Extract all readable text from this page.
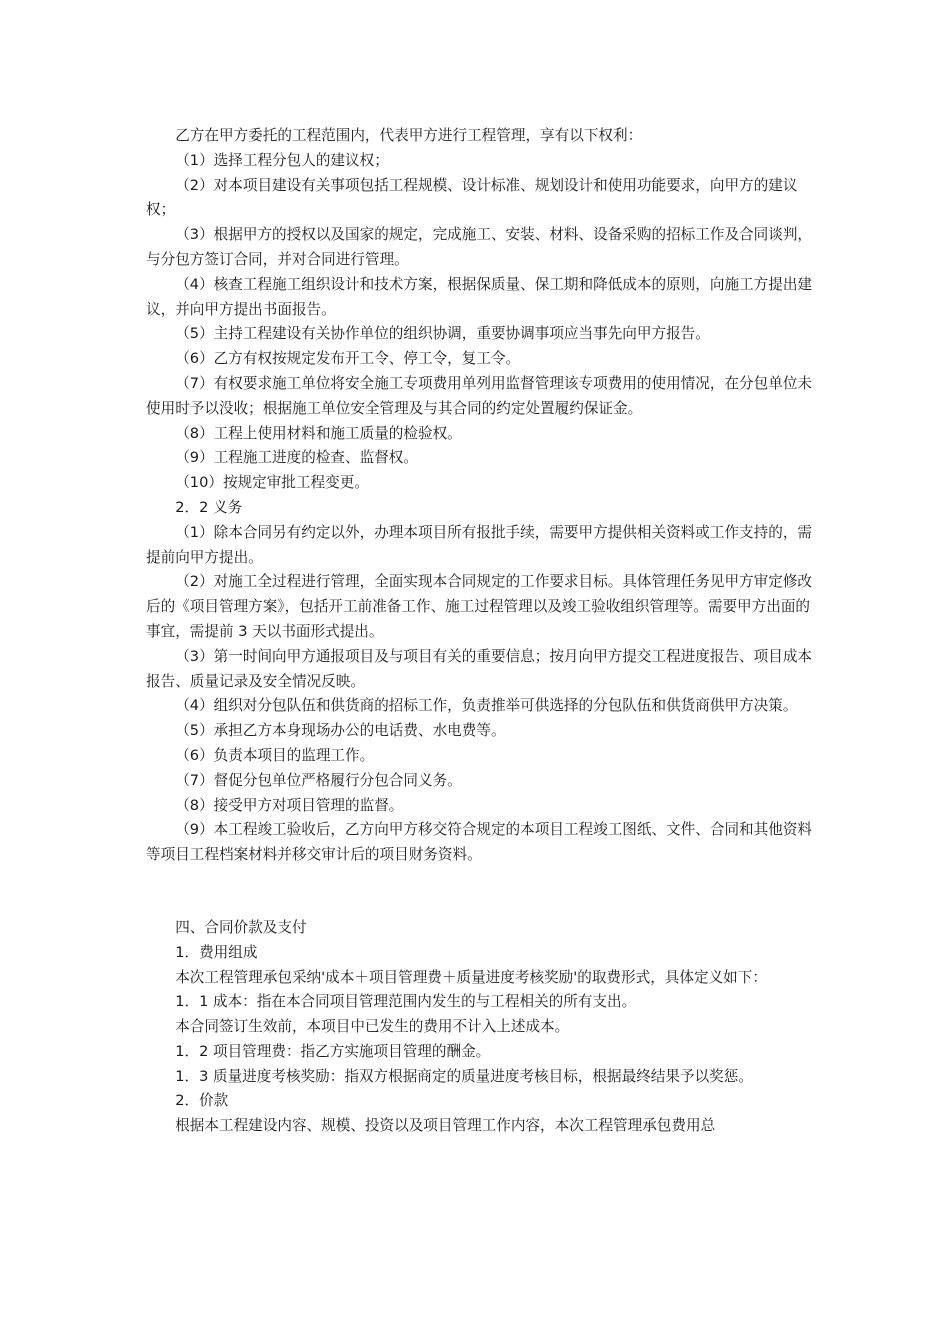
乙方在甲方委托的工程范围内，代表甲方进行工程管理，享有以下权利：

（1）选择工程分包人的建议权；

（2）对本项目建设有关事项包括工程规模、设计标准、规划设计和使用功能要求，向甲方的建议权；

（3）根据甲方的授权以及国家的规定，完成施工、安装、材料、设备采购的招标工作及合同谈判，与分包方签订合同，并对合同进行管理。

（4）核查工程施工组织设计和技术方案，根据保质量、保工期和降低成本的原则，向施工方提出建议，并向甲方提出书面报告。

（5）主持工程建设有关协作单位的组织协调，重要协调事项应当事先向甲方报告。

（6）乙方有权按规定发布开工令、停工令，复工令。

（7）有权要求施工单位将安全施工专项费用单列用监督管理该专项费用的使用情况，在分包单位未使用时予以没收；根据施工单位安全管理及与其合同的约定处置履约保证金。

（8）工程上使用材料和施工质量的检验权。

（9）工程施工进度的检查、监督权。

（10）按规定审批工程变更。

2．2 义务

（1）除本合同另有约定以外，办理本项目所有报批手续，需要甲方提供相关资料或工作支持的，需提前向甲方提出。

（2）对施工全过程进行管理，全面实现本合同规定的工作要求目标。具体管理任务见甲方审定修改后的《项目管理方案》，包括开工前准备工作、施工过程管理以及竣工验收组织管理等。需要甲方出面的事宜，需提前 3 天以书面形式提出。

（3）第一时间向甲方通报项目及与项目有关的重要信息；按月向甲方提交工程进度报告、项目成本报告、质量记录及安全情况反映。

（4）组织对分包队伍和供货商的招标工作，负责推举可供选择的分包队伍和供货商供甲方决策。

（5）承担乙方本身现场办公的电话费、水电费等。

（6）负责本项目的监理工作。

（7）督促分包单位严格履行分包合同义务。

（8）接受甲方对项目管理的监督。

（9）本工程竣工验收后，乙方向甲方移交符合规定的本项目工程竣工图纸、文件、合同和其他资料等项目工程档案材料并移交审计后的项目财务资料。

四、合同价款及支付

1．费用组成

本次工程管理承包采纳'成本＋项目管理费＋质量进度考核奖励'的取费形式，具体定义如下：

1．1 成本：指在本合同项目管理范围内发生的与工程相关的所有支出。

本合同签订生效前，本项目中已发生的费用不计入上述成本。

1．2 项目管理费：指乙方实施项目管理的酬金。

1．3 质量进度考核奖励：指双方根据商定的质量进度考核目标，根据最终结果予以奖惩。

2．价款

根据本工程建设内容、规模、投资以及项目管理工作内容，本次工程管理承包费用总
